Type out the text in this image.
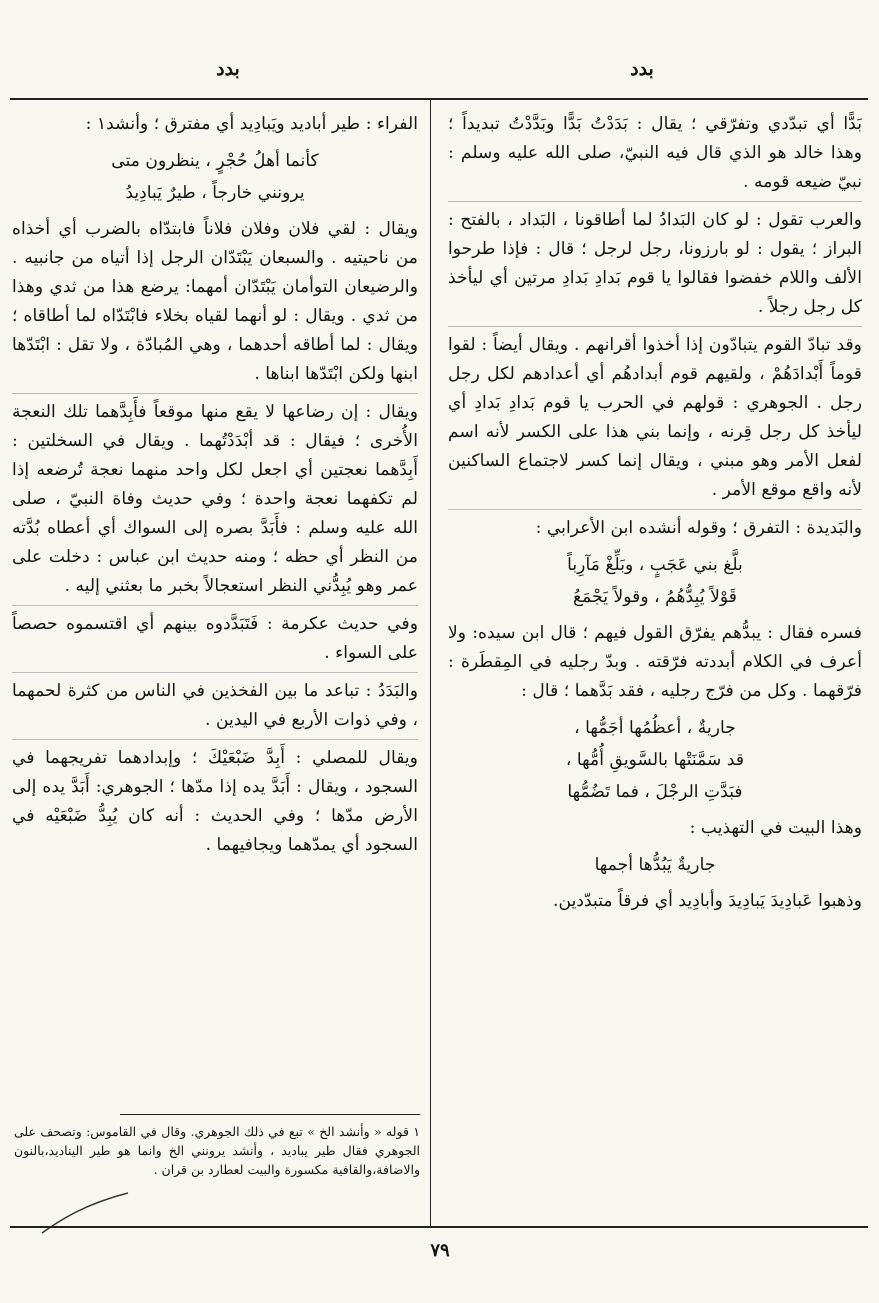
بدد
بدد

بَدًّا أي تبدّدي وتفرّقي ؛ يقال : بَدَدْتُ بَدًّا وبَدَّدْتُ تبديداً ؛ وهذا خالد هو الذي قال فيه النبيّ، صلى الله عليه وسلم : نبيّ ضيعه قومه .

والعرب تقول : لو كان البَدادُ لما أطاقونا ، البَداد ، بالفتح : البراز ؛ يقول : لو بارزونا، رجل لرجل ؛ قال : فإذا طرحوا الألف واللام خفضوا فقالوا يا قوم بَدادِ بَدادِ مرتين أي ليأخذ كل رجل رجلاً .

وقد تبادّ القوم يتبادّون إذا أخذوا أقرانهم . ويقال أيضاً : لقوا قوماً أَبْدادَهُمْ ، ولقيهم قوم أبدادهُم أي أعدادهم لكل رجل رجل . الجوهري : قولهم في الحرب يا قوم بَدادِ بَدادِ أي ليأخذ كل رجل قِرنه ، وإنما بني هذا على الكسر لأنه اسم لفعل الأمر وهو مبني ، ويقال إنما كسر لاجتماع الساكنين لأنه واقع موقع الأمر .

والبَديدة : التفرق ؛ وقوله أنشده ابن الأعرابي :

بلَّغ بني عَجَبٍ ، وبَلِّغْ مَآرِباً
قَوْلاً يُبِدُّهُمُ ، وقولاً يَجْمَعُ

فسره فقال : يبدُّهم يفرّق القول فيهم ؛ قال ابن سيده: ولا أعرف في الكلام أبددته فرّقته . وبدّ رجليه في المِقطَرة : فرّقهما . وكل من فرّج رجليه ، فقد بَدَّهما ؛ قال :

جاريةٌ ، أعظُمُها أجَمُّها ،
قد سَمَّنَتْها بالسَّويقِ أُمُّها ،
فبَدَّتِ الرجْلَ ، فما تَضُمُّها

وهذا البيت في التهذيب :

جاريةٌ يَبُدُّها أجمها

وذهبوا عَبادِيدَ يَبادِيدَ وأبادِيد أي فرقاً متبدّدين.

الفراء : طير أباديد ويَبادِيد أي مفترق ؛ وأنشد١ :

كأنما أهلُ حُجْرٍ ، ينظرون متى
يرونني خارجاً ، طيرٌ يَبادِيدُ

ويقال : لقي فلان وفلان فلاناً فابتدّاه بالضرب أي أخذاه من ناحيتيه . والسبعان يَبْتَدّان الرجل إذا أتياه من جانبيه . والرضيعان التوأمان يَبْتَدّان أمهما: يرضع هذا من ثدي وهذا من ثدي . ويقال : لو أنهما لقياه بخلاء فابْتَدّاه لما أطاقاه ؛ ويقال : لما أطاقه أحدهما ، وهي المُبادّة ، ولا تقل : ابْتَدّها ابنها ولكن ابْتَدّها ابناها .

ويقال : إن رضاعها لا يقع منها موقعاً فأَبِدَّهما تلك النعجة الأُخرى ؛ فيقال : قد أبْدَدْتُهما . ويقال في السخلتين : أَبِدَّهما نعجتين أي اجعل لكل واحد منهما نعجة تُرضعه إذا لم تكفهما نعجة واحدة ؛ وفي حديث وفاة النبيّ ، صلى الله عليه وسلم : فأَبَدَّ بصره إلى السواك أي أعطاه بُدَّته من النظر أي حظه ؛ ومنه حديث ابن عباس : دخلت على عمر وهو يُبِدُّني النظر استعجالاً بخبر ما بعثني إليه .

وفي حديث عكرمة : فَتَبَدَّدوه بينهم أي اقتسموه حصصاً على السواء .

والبَدَدُ : تباعد ما بين الفخذين في الناس من كثرة لحمهما ، وفي ذوات الأربع في اليدين .

ويقال للمصلي : أَبِدَّ ضَبْعَيْكَ ؛ وإبدادهما تفريجهما في السجود ، ويقال : أَبَدَّ يده إذا مدّها ؛ الجوهري: أَبَدَّ يده إلى الأرض مدّها ؛ وفي الحديث : أنه كان يُبِدُّ ضَبْعَيْه في السجود أي يمدّهما ويجافيهما .

١ قوله « وأنشد الخ » تبع في ذلك الجوهري. وقال في القاموس: وتصحف على الجوهري فقال طير يباديد ، وأنشد يرونني الخ وانما هو طير اليناديد،بالنون والاضافة،والقافية مكسورة والبيت لعطارد بن قران .

٧٩
